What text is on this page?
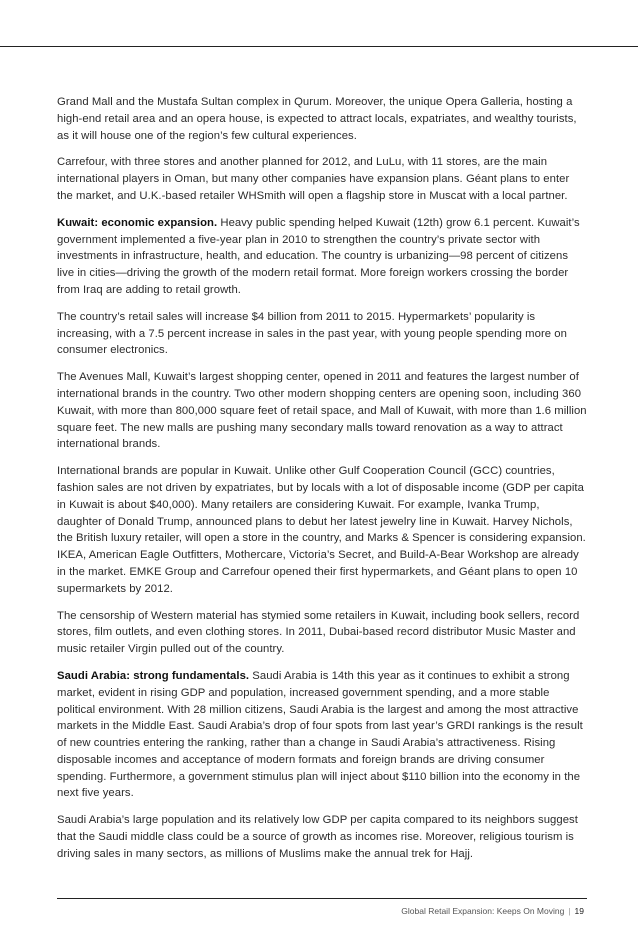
Grand Mall and the Mustafa Sultan complex in Qurum. Moreover, the unique Opera Galleria, hosting a high-end retail area and an opera house, is expected to attract locals, expatriates, and wealthy tourists, as it will house one of the region’s few cultural experiences.

Carrefour, with three stores and another planned for 2012, and LuLu, with 11 stores, are the main international players in Oman, but many other companies have expansion plans. Géant plans to enter the market, and U.K.-based retailer WHSmith will open a flagship store in Muscat with a local partner.

Kuwait: economic expansion. Heavy public spending helped Kuwait (12th) grow 6.1 percent. Kuwait’s government implemented a five-year plan in 2010 to strengthen the country’s private sector with investments in infrastructure, health, and education. The country is urbanizing—98 percent of citizens live in cities—driving the growth of the modern retail format. More foreign workers crossing the border from Iraq are adding to retail growth.

The country’s retail sales will increase $4 billion from 2011 to 2015. Hypermarkets’ popularity is increasing, with a 7.5 percent increase in sales in the past year, with young people spending more on consumer electronics.

The Avenues Mall, Kuwait’s largest shopping center, opened in 2011 and features the largest number of international brands in the country. Two other modern shopping centers are opening soon, including 360 Kuwait, with more than 800,000 square feet of retail space, and Mall of Kuwait, with more than 1.6 million square feet. The new malls are pushing many secondary malls toward renovation as a way to attract international brands.

International brands are popular in Kuwait. Unlike other Gulf Cooperation Council (GCC) countries, fashion sales are not driven by expatriates, but by locals with a lot of disposable income (GDP per capita in Kuwait is about $40,000). Many retailers are considering Kuwait. For example, Ivanka Trump, daughter of Donald Trump, announced plans to debut her latest jewelry line in Kuwait. Harvey Nichols, the British luxury retailer, will open a store in the country, and Marks & Spencer is considering expansion. IKEA, American Eagle Outfitters, Mothercare, Victoria’s Secret, and Build-A-Bear Workshop are already in the market. EMKE Group and Carrefour opened their first hypermarkets, and Géant plans to open 10 supermarkets by 2012.

The censorship of Western material has stymied some retailers in Kuwait, including book sellers, record stores, film outlets, and even clothing stores. In 2011, Dubai-based record distributor Music Master and music retailer Virgin pulled out of the country.

Saudi Arabia: strong fundamentals. Saudi Arabia is 14th this year as it continues to exhibit a strong market, evident in rising GDP and population, increased government spending, and a more stable political environment. With 28 million citizens, Saudi Arabia is the largest and among the most attractive markets in the Middle East. Saudi Arabia’s drop of four spots from last year’s GRDI rankings is the result of new countries entering the ranking, rather than a change in Saudi Arabia’s attractiveness. Rising disposable incomes and acceptance of modern formats and foreign brands are driving consumer spending. Furthermore, a government stimulus plan will inject about $110 billion into the economy in the next five years.

Saudi Arabia’s large population and its relatively low GDP per capita compared to its neighbors suggest that the Saudi middle class could be a source of growth as incomes rise. Moreover, religious tourism is driving sales in many sectors, as millions of Muslims make the annual trek for Hajj.

Global Retail Expansion: Keeps On Moving | 19
